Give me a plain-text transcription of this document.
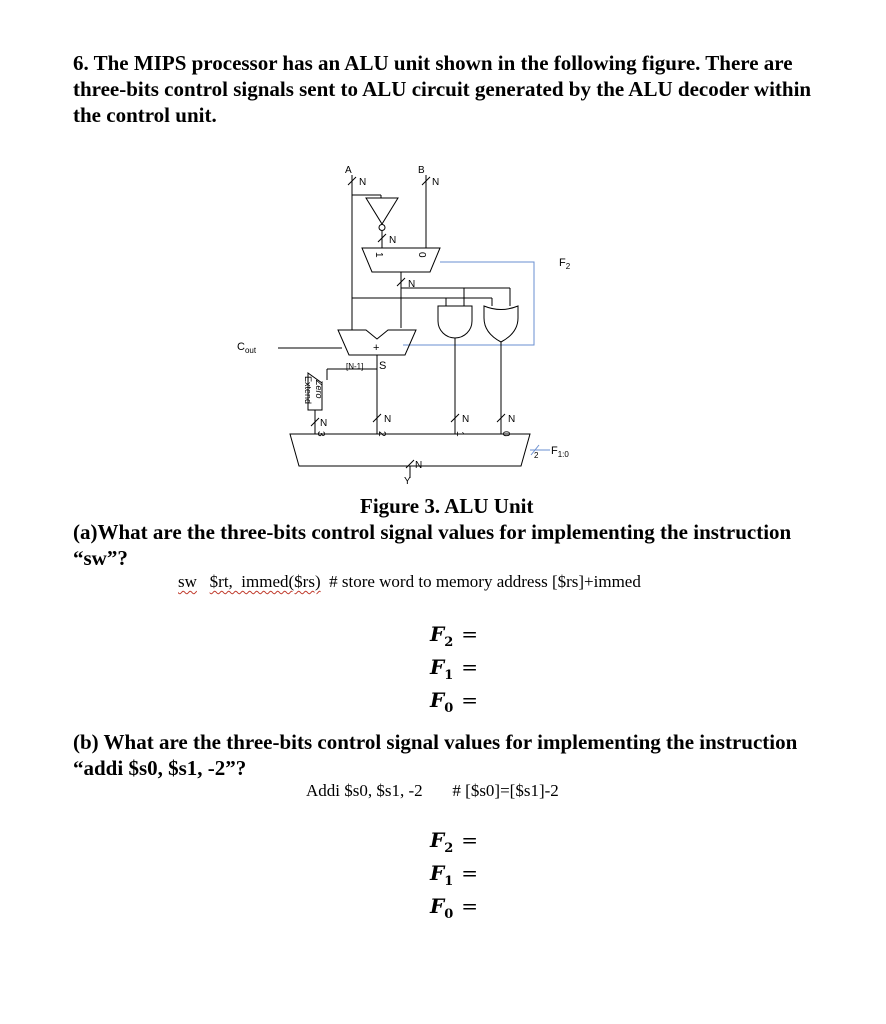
6. The MIPS processor has an ALU unit shown in the following figure. There are three-bits control signals sent to ALU circuit generated by the ALU decoder within the control unit.
A	B
N	N
N
N
1	0
$F_2$
$C_{out}$	+
[N-1] S
Zero
Extend
N	N	N	N
3	2	1	0
2 $F_{1:0}$
N
Y
Figure 3. ALU Unit
(a)What are the three-bits control signal values for implementing the instruction “sw”?
sw $rt,  immed($rs) # store word to memory address [$rs]+immed
$F_2$ =
$F_1$ =
$F_0$ =
(b) What are the three-bits control signal values for implementing the instruction “addi $s0, $s1, -2”?
Addi $s0, $s1, -2 # [$s0]=[$s1]-2
$F_2$ =
$F_1$ =
$F_0$ =
